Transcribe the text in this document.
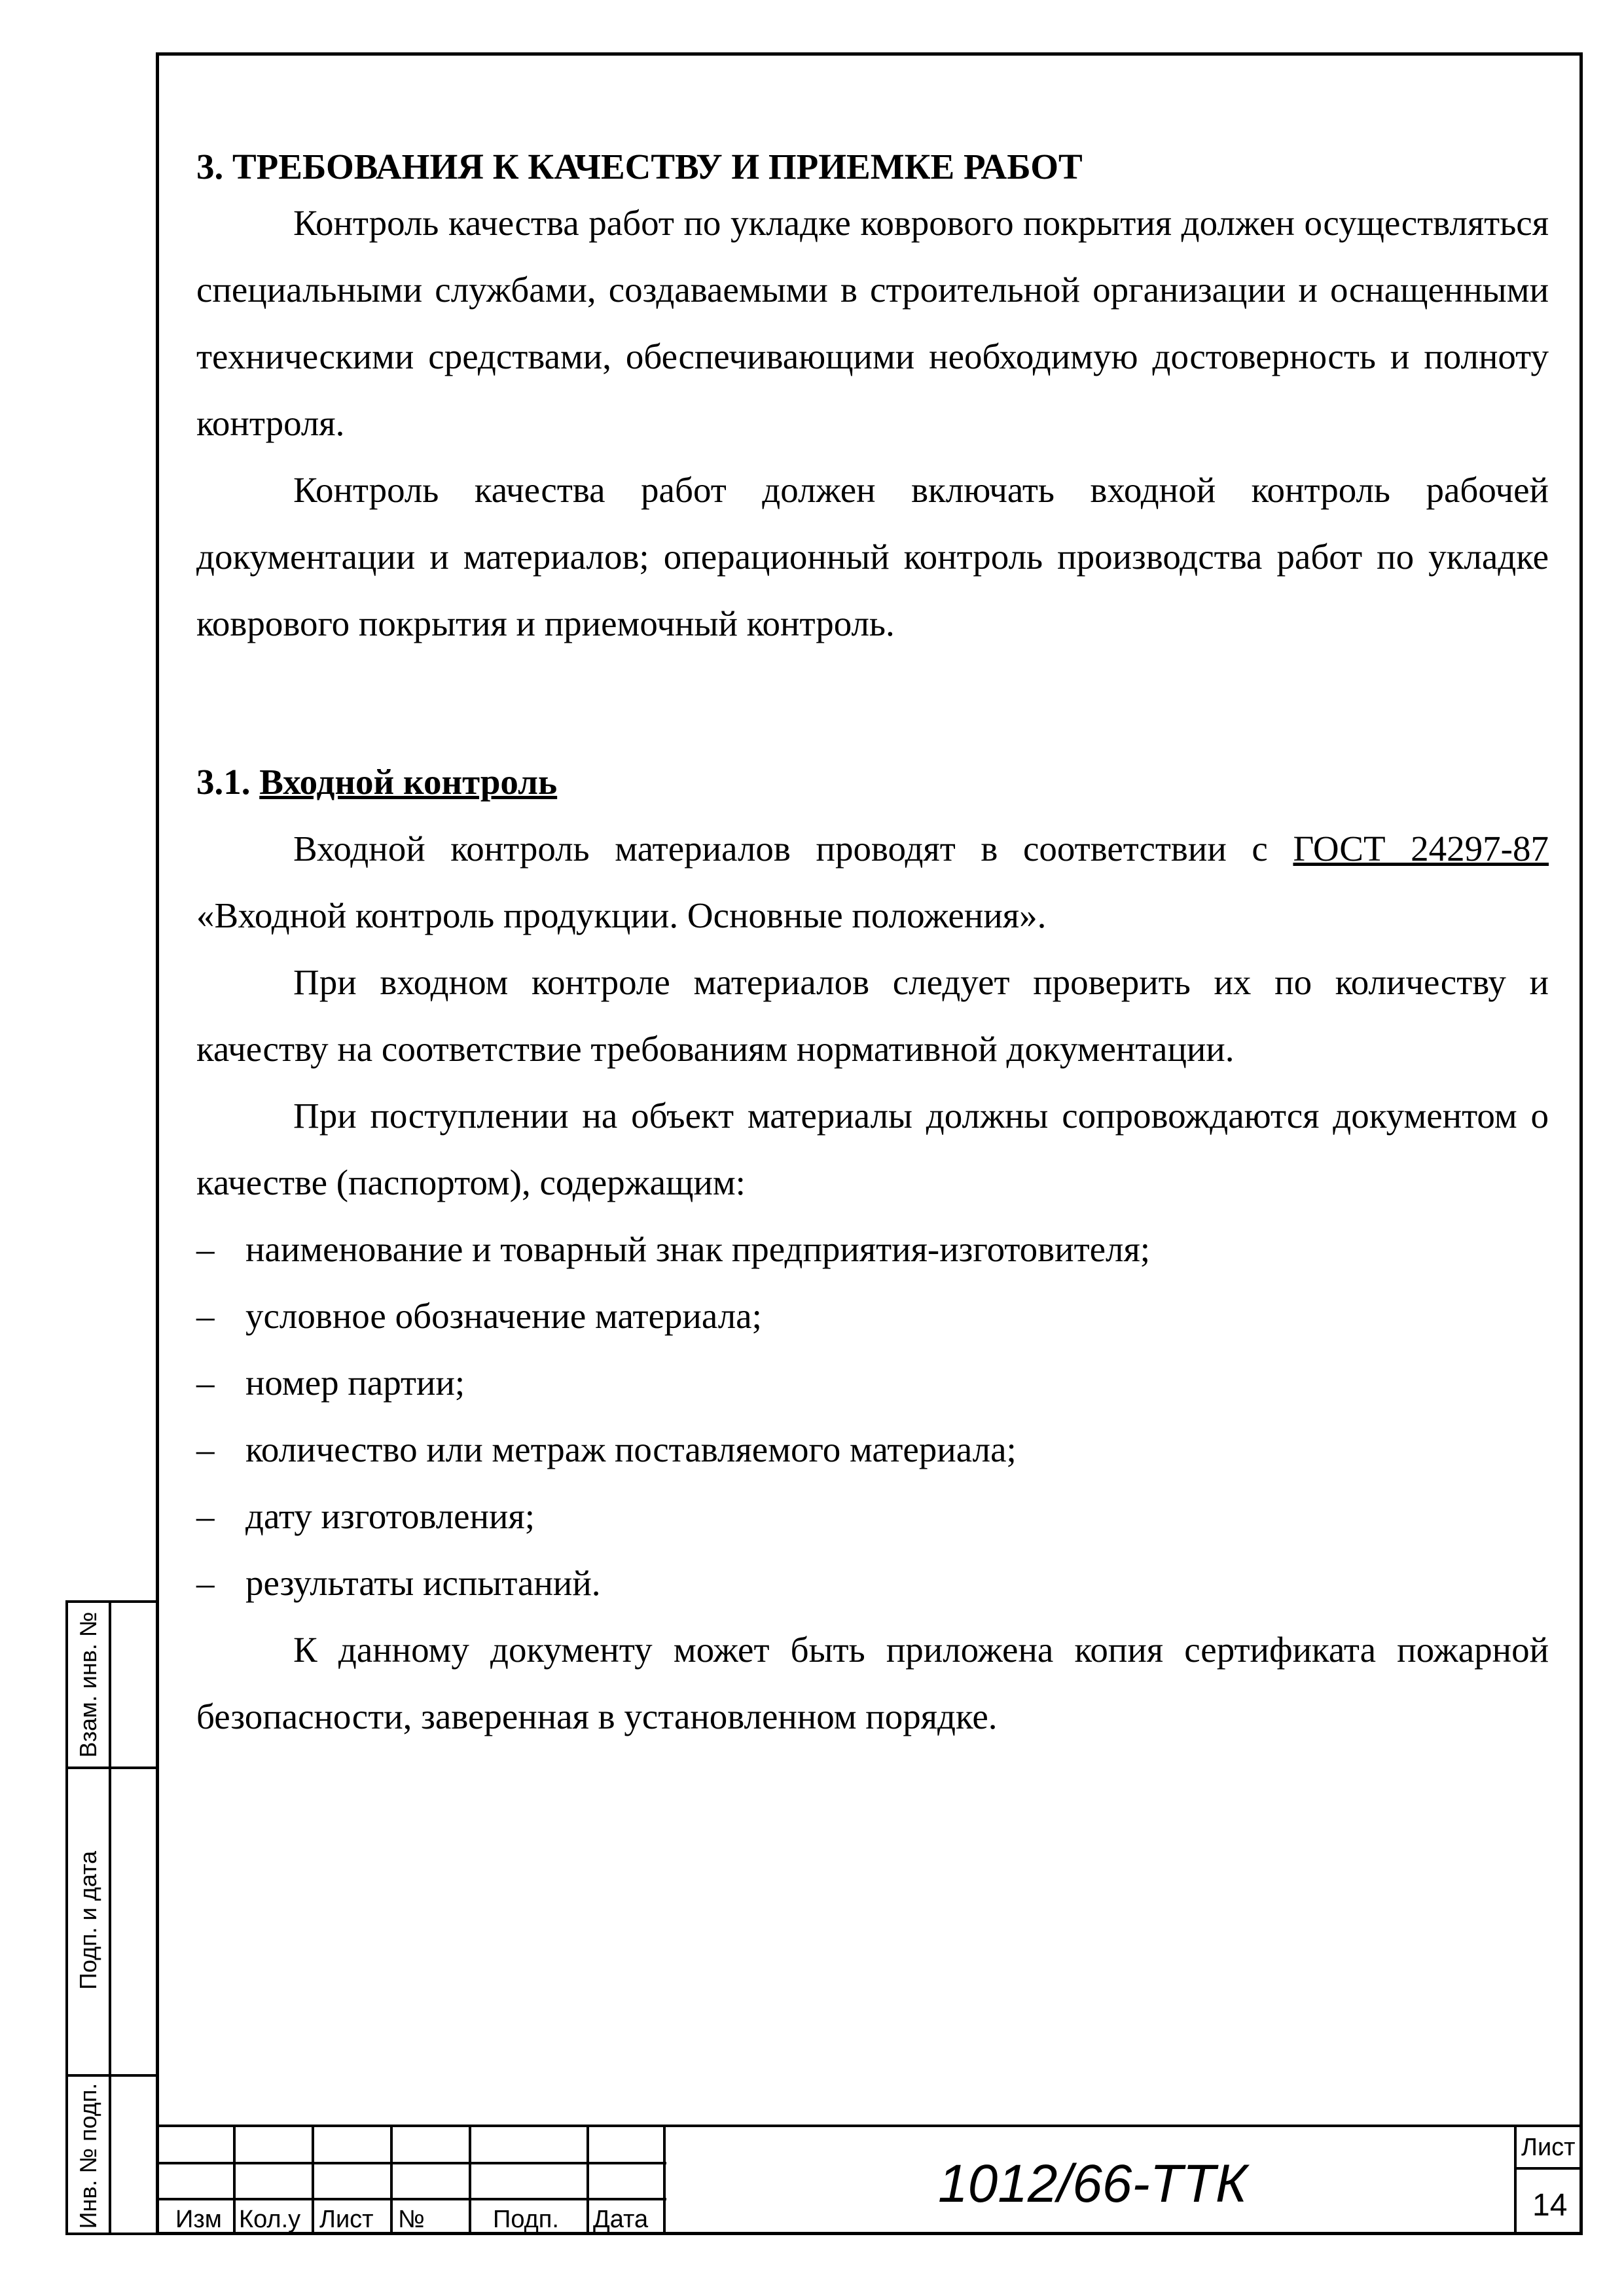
3. ТРЕБОВАНИЯ К КАЧЕСТВУ И ПРИЕМКЕ РАБОТ

Контроль качества работ по укладке коврового покрытия должен осуществляться специальными службами, создаваемыми в строительной организации и оснащенными техническими средствами, обеспечивающими необходимую достоверность и полноту контроля.

Контроль качества работ должен включать входной контроль рабочей документации и материалов; операционный контроль производства работ по укладке коврового покрытия и приемочный контроль.

3.1. Входной контроль

Входной контроль материалов проводят в соответствии с ГОСТ 24297-87 «Входной контроль продукции. Основные положения».

При входном контроле материалов следует проверить их по количеству и качеству на соответствие требованиям нормативной документации.

При поступлении на объект материалы должны сопровождаются документом о качестве (паспортом), содержащим:

– наименование и товарный знак предприятия-изготовителя;
– условное обозначение материала;
– номер партии;
– количество или метраж поставляемого материала;
– дату изготовления;
– результаты испытаний.

К данному документу может быть приложена копия сертификата пожарной безопасности, заверенная в установленном порядке.

Взам. инв. №
Подп. и дата
Инв. № подп.	Изм Кол.у Лист №	Подп. Дата
1012/66-ТТК
Лист
14
